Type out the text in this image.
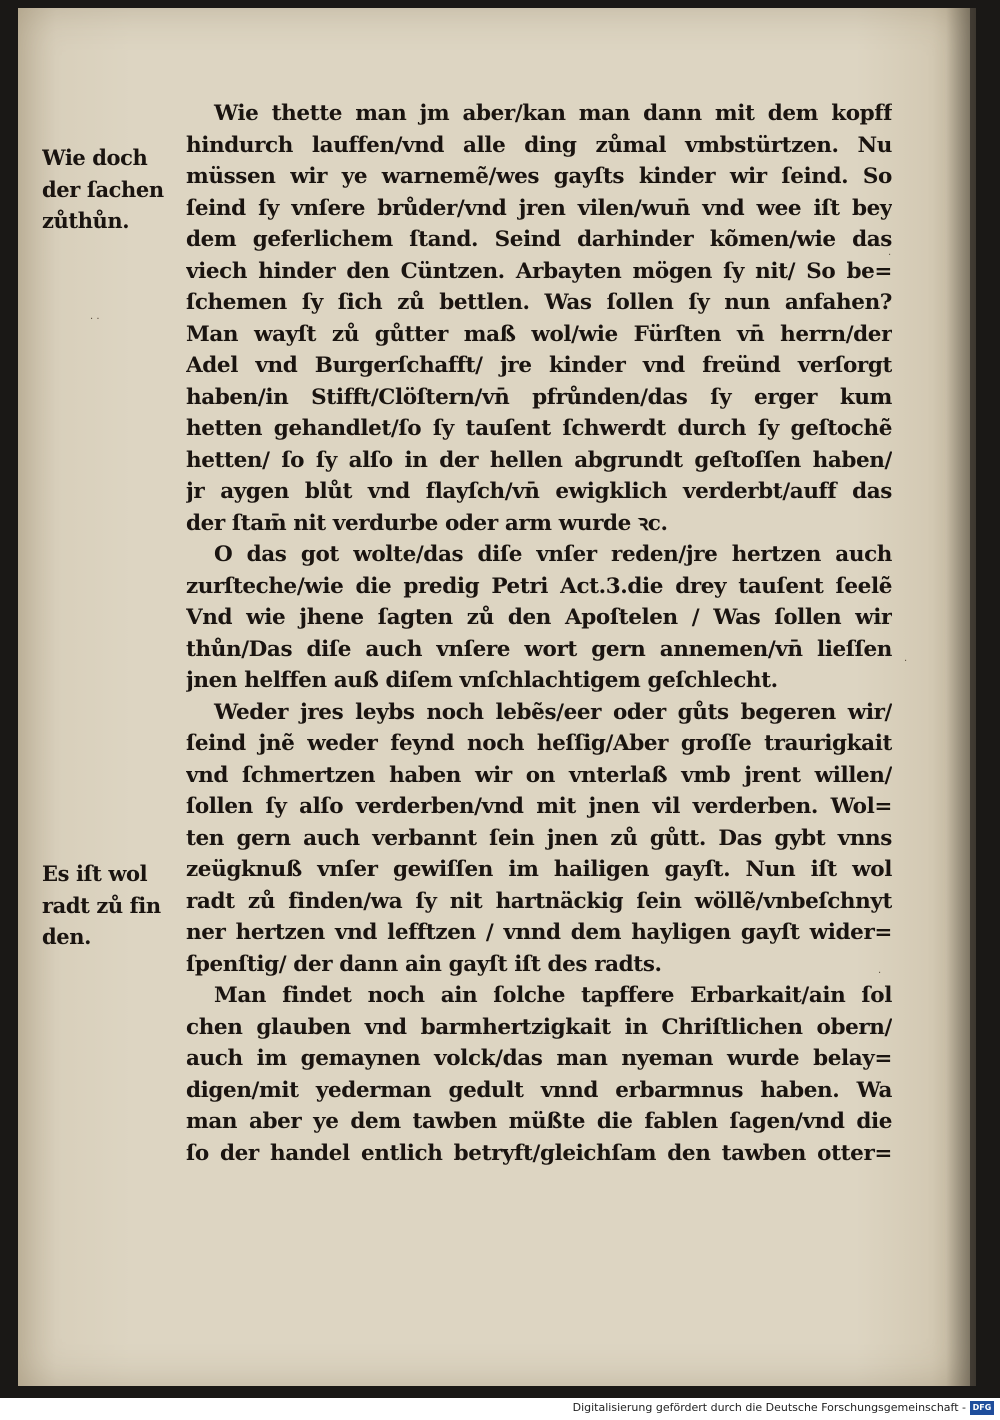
· ·
·
·
·
Wie doch
der ſachen
zůthůn.
Es iſt wol
radt zů fin
den.
Wie thette man jm aber/kan man dann mit dem kopff
hindurch lauffen/vnd alle ding zůmal vmbstürtzen. Nu
müssen wir ye warnemẽ/wes gayſts kinder wir ſeind. So
ſeind ſy vnſere brůder/vnd jren vilen/wun̄ vnd wee iſt bey
dem geferlichem ſtand. Seind darhinder kõmen/wie das
viech hinder den Cüntzen. Arbayten mögen ſy nit/ So be=
ſchemen ſy ſich zů bettlen. Was ſollen ſy nun anfahen?
Man wayſt zů gůtter maß wol/wie Fürſten vn̄ herrn/der
Adel vnd Burgerſchafft/ jre kinder vnd freünd verſorgt
haben/in Stifft/Clöſtern/vn̄ pfrůnden/das ſy erger kum
hetten gehandlet/ſo ſy tauſent ſchwerdt durch ſy geſtochẽ
hetten/ ſo ſy alſo in der hellen abgrundt geſtoſſen haben/
jr aygen blůt vnd flayſch/vn̄ ewigklich verderbt/auff das
der ſtam̄ nit verdurbe oder arm wurde ꝛc.
O das got wolte/das diſe vnſer reden/jre hertzen auch
zurſteche/wie die predig Petri Act.3.die drey tauſent ſeelẽ
Vnd wie jhene ſagten zů den Apoſtelen / Was ſollen wir
thůn/Das diſe auch vnſere wort gern annemen/vn̄ lieſſen
jnen helffen auß diſem vnſchlachtigem geſchlecht.
Weder jres leybs noch lebẽs/eer oder gůts begeren wir/
ſeind jnẽ weder feynd noch heſſig/Aber groſſe traurigkait
vnd ſchmertzen haben wir on vnterlaß vmb jrent willen/
ſollen ſy alſo verderben/vnd mit jnen vil verderben. Wol=
ten gern auch verbannt ſein jnen zů gůtt. Das gybt vnns
zeügknuß vnſer gewiſſen im hailigen gayſt. Nun iſt wol
radt zů finden/wa ſy nit hartnäckig ſein wöllẽ/vnbeſchnyt
ner hertzen vnd lefftzen / vnnd dem hayligen gayſt wider=
ſpenſtig/ der dann ain gayſt iſt des radts.
Man findet noch ain ſolche tapffere Erbarkait/ain ſol
chen glauben vnd barmhertzigkait in Chriſtlichen obern/
auch im gemaynen volck/das man nyeman wurde belay=
digen/mit yederman gedult vnnd erbarmnus haben. Wa
man aber ye dem tawben müßte die fablen ſagen/vnd die
ſo der handel entlich betryft/gleichſam den tawben otter=
Digitalisierung gefördert durch die Deutsche Forschungsgemeinschaft - DFG
